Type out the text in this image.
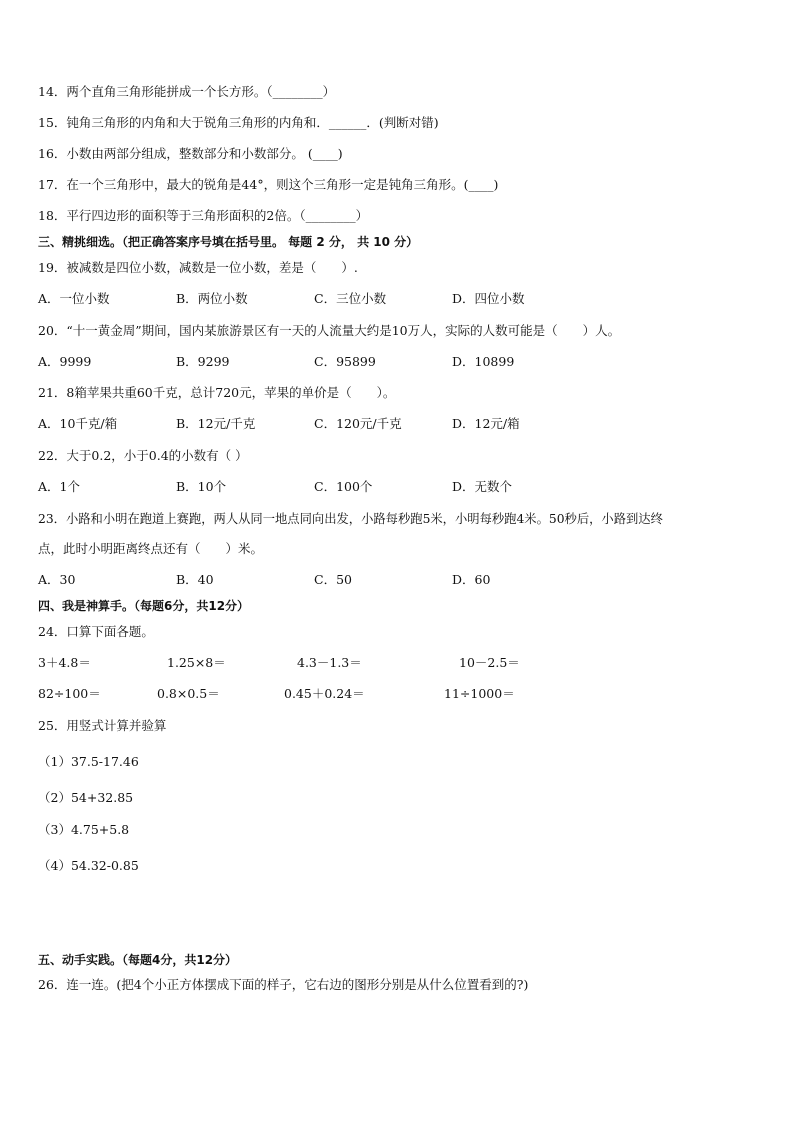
14．两个直角三角形能拼成一个长方形。（________）
15．钝角三角形的内角和大于锐角三角形的内角和．______．(判断对错)
16．小数由两部分组成，整数部分和小数部分。 (____)
17．在一个三角形中，最大的锐角是44°，则这个三角形一定是钝角三角形。(____)
18．平行四边形的面积等于三角形面积的2倍。（________）
三、精挑细选。（把正确答案序号填在括号里。 每题 2 分， 共 10 分）
19．被减数是四位小数，减数是一位小数，差是（　　）.
A．一位小数	B．两位小数	C．三位小数	D．四位小数
20．“十一黄金周”期间，国内某旅游景区有一天的人流量大约是10万人，实际的人数可能是（　　）人。
A．9999	B．9299	C．95899	D．10899
21．8箱苹果共重60千克，总计720元，苹果的单价是（　　）。
A．10千克/箱	B．12元/千克	C．120元/千克	D．12元/箱
22．大于0.2，小于0.4的小数有（ ）
A．1个	B．10个	C．100个	D．无数个
23．小路和小明在跑道上赛跑，两人从同一地点同向出发，小路每秒跑5米，小明每秒跑4米。50秒后，小路到达终
点，此时小明距离终点还有（　　）米。
A．30	B．40	C．50	D．60
四、我是神算手。（每题6分，共12分）
24．口算下面各题。
3＋4.8＝	1.25×8＝	4.3－1.3＝	10－2.5＝
82÷100＝	0.8×0.5＝	0.45＋0.24＝	11÷1000＝
25．用竖式计算并验算
（1）37.5-17.46
（2）54+32.85
（3）4.75+5.8
（4）54.32-0.85
五、动手实践。（每题4分，共12分）
26．连一连。(把4个小正方体摆成下面的样子，它右边的图形分别是从什么位置看到的?)
